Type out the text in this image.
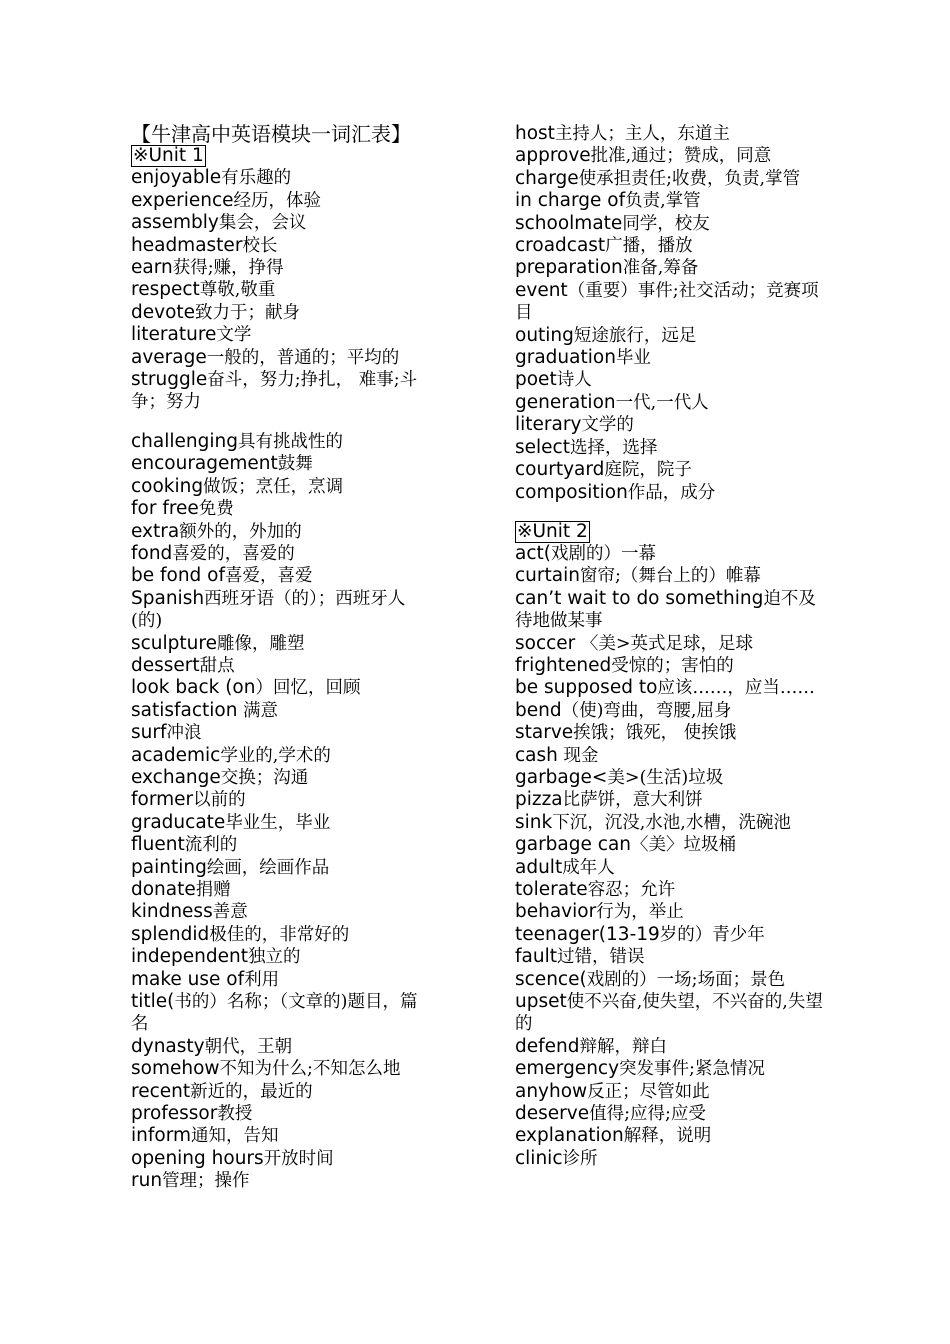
【牛津高中英语模块一词汇表】
※Unit 1
enjoyable有乐趣的
experience经历，体验
assembly集会，会议
headmaster校长
earn获得;赚，挣得
respect尊敬,敬重
devote致力于；献身
literature文学
average一般的，普通的；平均的
struggle奋斗，努力;挣扎， 难事;斗争；努力
challenging具有挑战性的
encouragement鼓舞
cooking做饭；烹任，烹调
for free免费
extra额外的，外加的
fond喜爱的，喜爱的
be fond of喜爱，喜爱
Spanish西班牙语（的）；西班牙人(的)
sculpture雕像，雕塑
dessert甜点
look back (on）回忆，回顾
satisfaction 满意
surf冲浪
academic学业的,学术的
exchange交换；沟通
former以前的
graducate毕业生，毕业
fluent流利的
painting绘画，绘画作品
donate捐赠
kindness善意
splendid极佳的，非常好的
independent独立的
make use of利用
title(书的）名称；（文章的)题目，篇名
dynasty朝代，王朝
somehow不知为什么;不知怎么地
recent新近的，最近的
professor教授
inform通知，告知
opening hours开放时间
run管理；操作
host主持人；主人，东道主
approve批准,通过；赞成，同意
charge使承担责任;收费，负责,掌管
in charge of负责,掌管
schoolmate同学，校友
croadcast广播，播放
preparation准备,筹备
event（重要）事件;社交活动；竞赛项目
outing短途旅行，远足
graduation毕业
poet诗人
generation一代,一代人
literary文学的
select选择，选择
courtyard庭院，院子
composition作品，成分
※Unit 2
act(戏剧的）一幕
curtain窗帘;（舞台上的）帷幕
can’t wait to do something迫不及待地做某事
soccer 〈美>英式足球，足球
frightened受惊的；害怕的
be supposed to应该……，应当……
bend（使)弯曲，弯腰,屈身
starve挨饿；饿死， 使挨饿
cash 现金
garbage<美>(生活)垃圾
pizza比萨饼，意大利饼
sink下沉，沉没,水池,水槽，洗碗池
garbage can〈美〉垃圾桶
adult成年人
tolerate容忍；允许
behavior行为，举止
teenager(13-19岁的）青少年
fault过错，错误
scence(戏剧的）一场;场面；景色
upset使不兴奋,使失望，不兴奋的,失望的
defend辩解，辩白
emergency突发事件;紧急情况
anyhow反正；尽管如此
deserve值得;应得;应受
explanation解释，说明
clinic诊所
